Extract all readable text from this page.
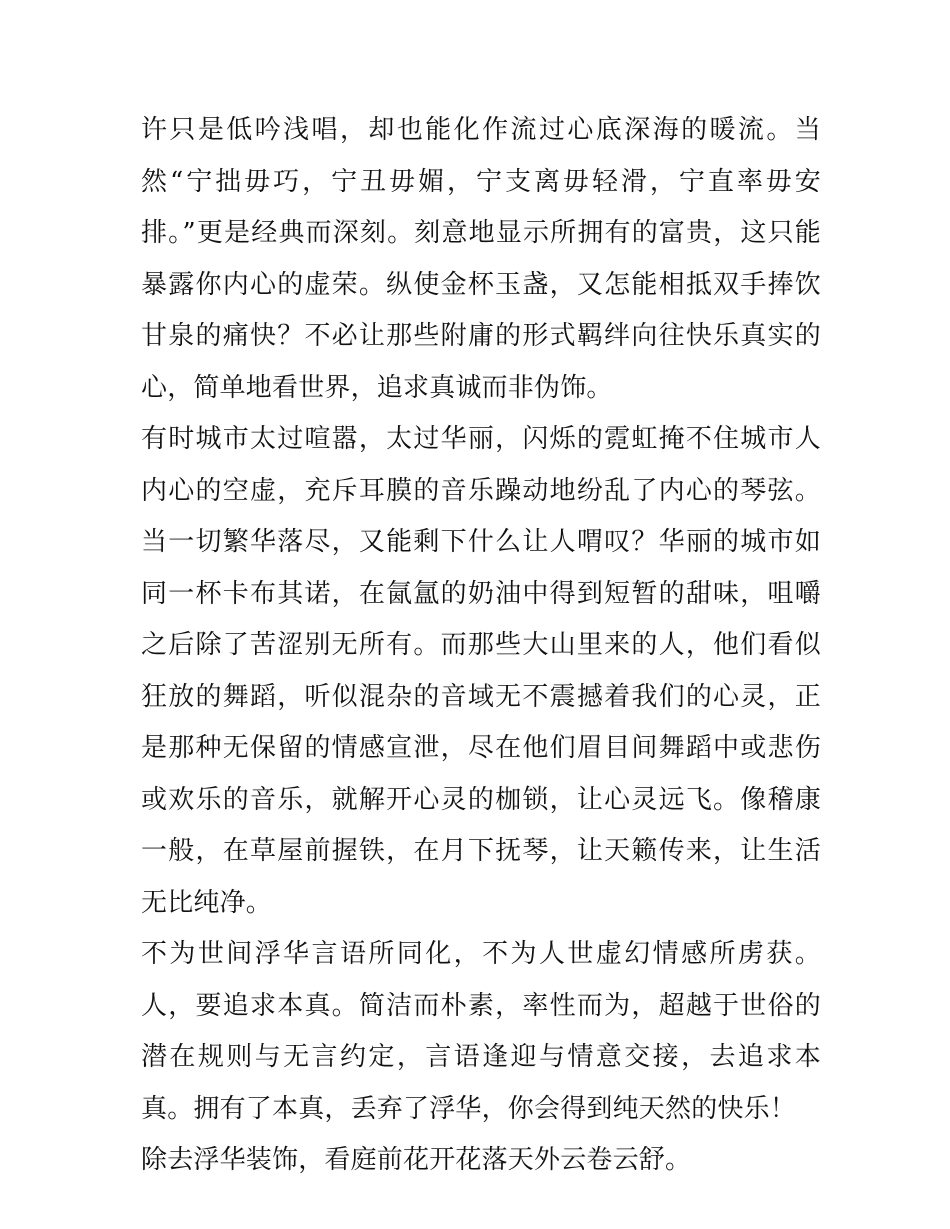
许只是低吟浅唱，却也能化作流过心底深海的暖流。当然“宁拙毋巧，宁丑毋媚，宁支离毋轻滑，宁直率毋安排。”更是经典而深刻。刻意地显示所拥有的富贵，这只能暴露你内心的虚荣。纵使金杯玉盏，又怎能相抵双手捧饮甘泉的痛快？不必让那些附庸的形式羁绊向往快乐真实的心，简单地看世界，追求真诚而非伪饰。

有时城市太过喧嚣，太过华丽，闪烁的霓虹掩不住城市人内心的空虚，充斥耳膜的音乐躁动地纷乱了内心的琴弦。当一切繁华落尽，又能剩下什么让人喟叹？华丽的城市如同一杯卡布其诺，在氤氲的奶油中得到短暂的甜味，咀嚼之后除了苦涩别无所有。而那些大山里来的人，他们看似狂放的舞蹈，听似混杂的音域无不震撼着我们的心灵，正是那种无保留的情感宣泄，尽在他们眉目间舞蹈中或悲伤或欢乐的音乐，就解开心灵的枷锁，让心灵远飞。像稽康一般，在草屋前握铁，在月下抚琴，让天籁传来，让生活无比纯净。

不为世间浮华言语所同化，不为人世虚幻情感所虏获。人，要追求本真。简洁而朴素，率性而为，超越于世俗的潜在规则与无言约定，言语逢迎与情意交接，去追求本真。拥有了本真，丢弃了浮华，你会得到纯天然的快乐！

除去浮华装饰，看庭前花开花落天外云卷云舒。
